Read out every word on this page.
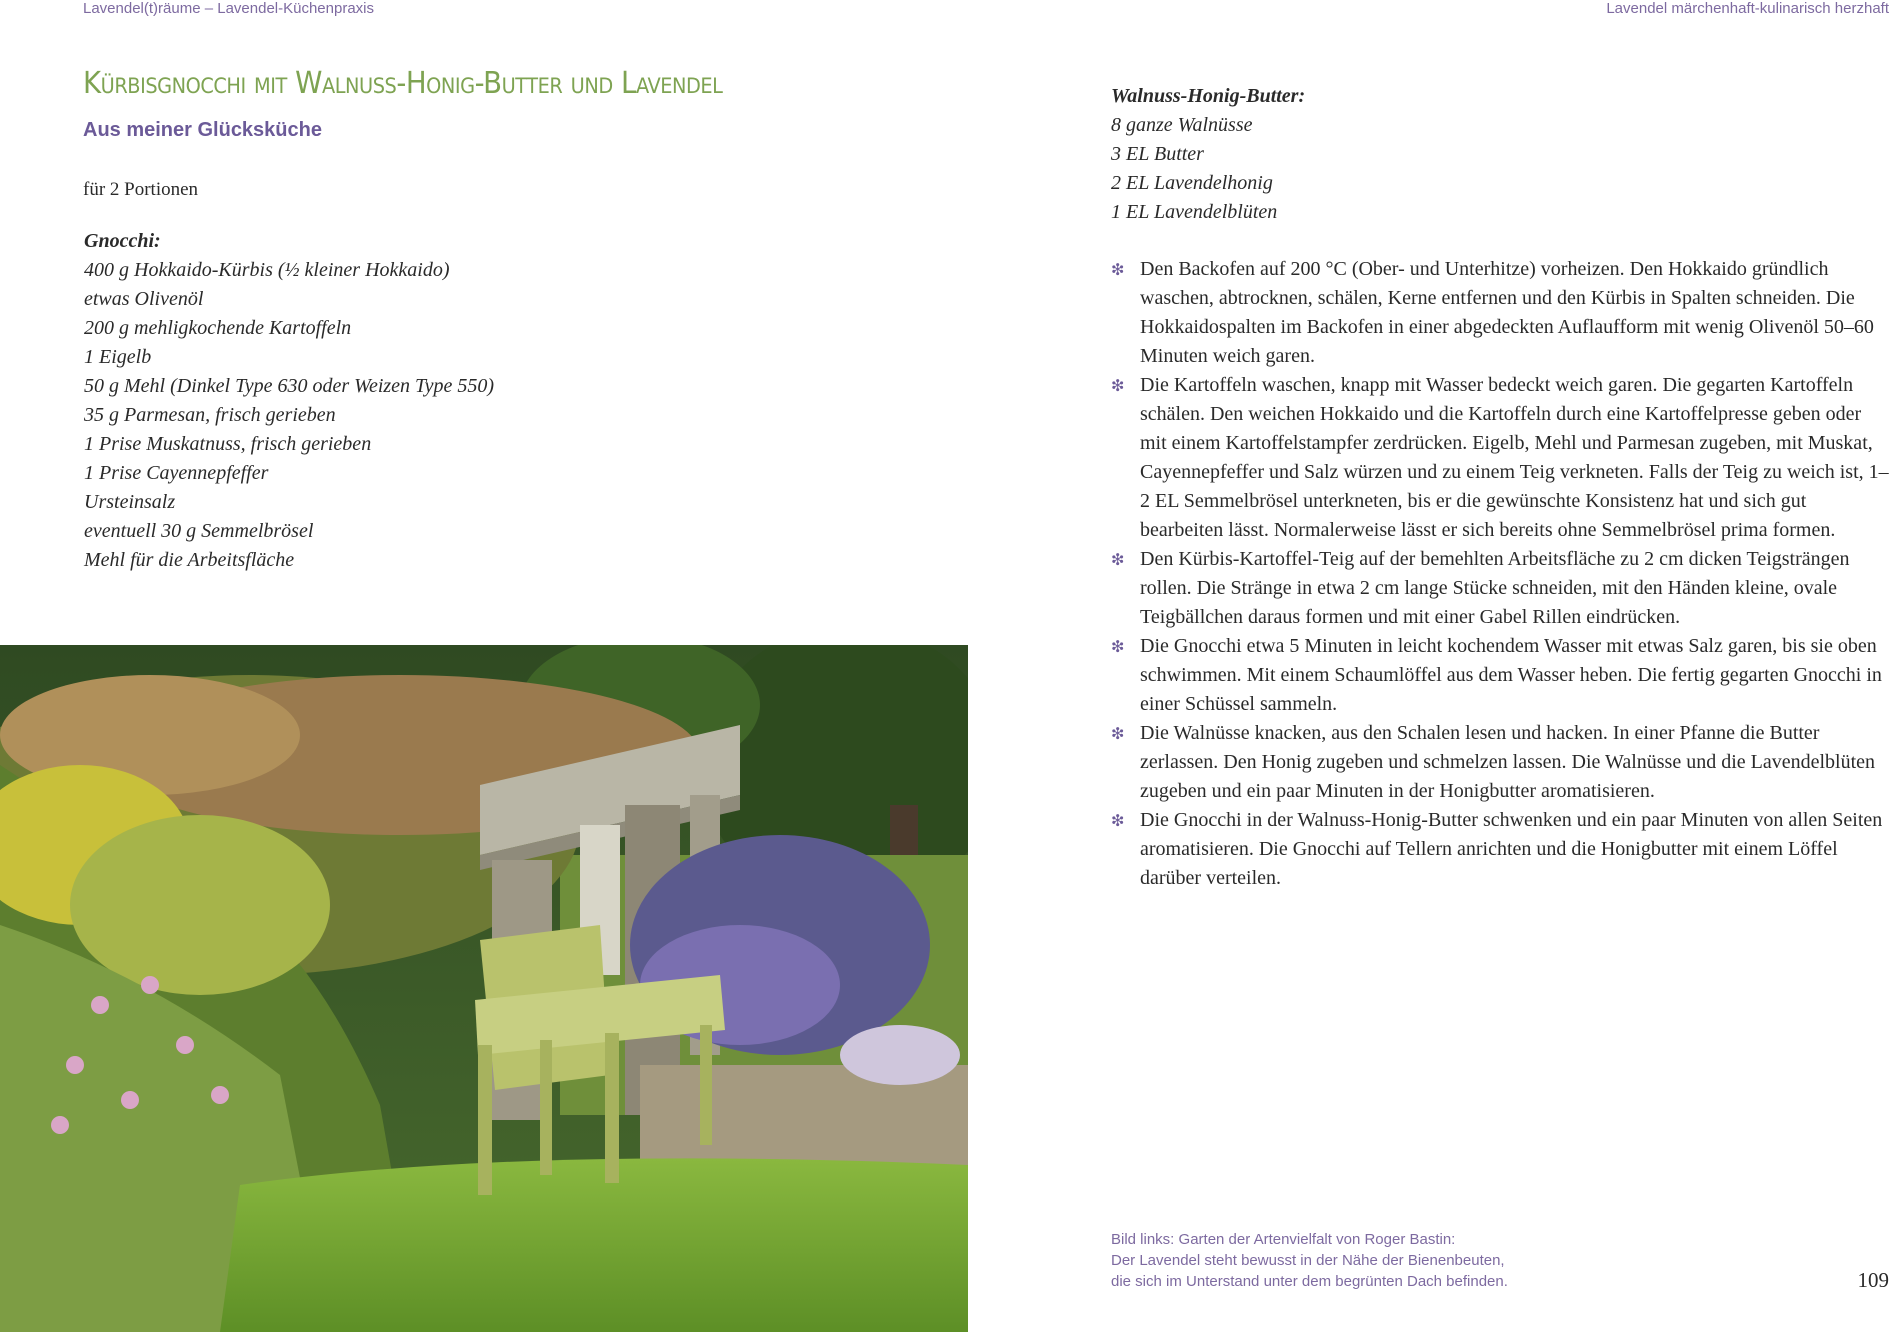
Lavendel(t)räume – Lavendel-Küchenpraxis	Lavendel märchenhaft-kulinarisch herzhaft
Kürbisgnocchi mit Walnuss-Honig-Butter und Lavendel
Aus meiner Glücksküche
für 2 Portionen
Gnocchi:
400 g Hokkaido-Kürbis (½ kleiner Hokkaido)
etwas Olivenöl
200 g mehligkochende Kartoffeln
1 Eigelb
50 g Mehl (Dinkel Type 630 oder Weizen Type 550)
35 g Parmesan, frisch gerieben
1 Prise Muskatnuss, frisch gerieben
1 Prise Cayennepfeffer
Ursteinsalz
eventuell 30 g Semmelbrösel
Mehl für die Arbeitsfläche
Walnuss-Honig-Butter:
8 ganze Walnüsse
3 EL Butter
2 EL Lavendelhonig
1 EL Lavendelblüten
❇ Den Backofen auf 200 °C (Ober- und Unterhitze) vorheizen. Den Hokkaido gründlich waschen, abtrocknen, schälen, Kerne entfernen und den Kürbis in Spalten schneiden. Die Hokkaidospalten im Backofen in einer abgedeckten Auflaufform mit wenig Olivenöl 50–60 Minuten weich garen.
❇ Die Kartoffeln waschen, knapp mit Wasser bedeckt weich garen. Die gegarten Kartoffeln schälen. Den weichen Hokkaido und die Kartoffeln durch eine Kartoffelpresse geben oder mit einem Kartoffelstampfer zerdrücken. Eigelb, Mehl und Parmesan zugeben, mit Muskat, Cayennepfeffer und Salz würzen und zu einem Teig verkneten. Falls der Teig zu weich ist, 1–2 EL Semmelbrösel unterkneten, bis er die gewünschte Konsistenz hat und sich gut bearbeiten lässt. Normalerweise lässt er sich bereits ohne Semmelbrösel prima formen.
❇ Den Kürbis-Kartoffel-Teig auf der bemehlten Arbeitsfläche zu 2 cm dicken Teigsträngen rollen. Die Stränge in etwa 2 cm lange Stücke schneiden, mit den Händen kleine, ovale Teigbällchen daraus formen und mit einer Gabel Rillen eindrücken.
❇ Die Gnocchi etwa 5 Minuten in leicht kochendem Wasser mit etwas Salz garen, bis sie oben schwimmen. Mit einem Schaumlöffel aus dem Wasser heben. Die fertig gegarten Gnocchi in einer Schüssel sammeln.
❇ Die Walnüsse knacken, aus den Schalen lesen und hacken. In einer Pfanne die Butter zerlassen. Den Honig zugeben und schmelzen lassen. Die Walnüsse und die Lavendelblüten zugeben und ein paar Minuten in der Honigbutter aromatisieren.
❇ Die Gnocchi in der Walnuss-Honig-Butter schwenken und ein paar Minuten von allen Seiten aromatisieren. Die Gnocchi auf Tellern anrichten und die Honigbutter mit einem Löffel darüber verteilen.
Bild links: Garten der Artenvielfalt von Roger Bastin:
Der Lavendel steht bewusst in der Nähe der Bienenbeuten,
die sich im Unterstand unter dem begrünten Dach befinden.	109
